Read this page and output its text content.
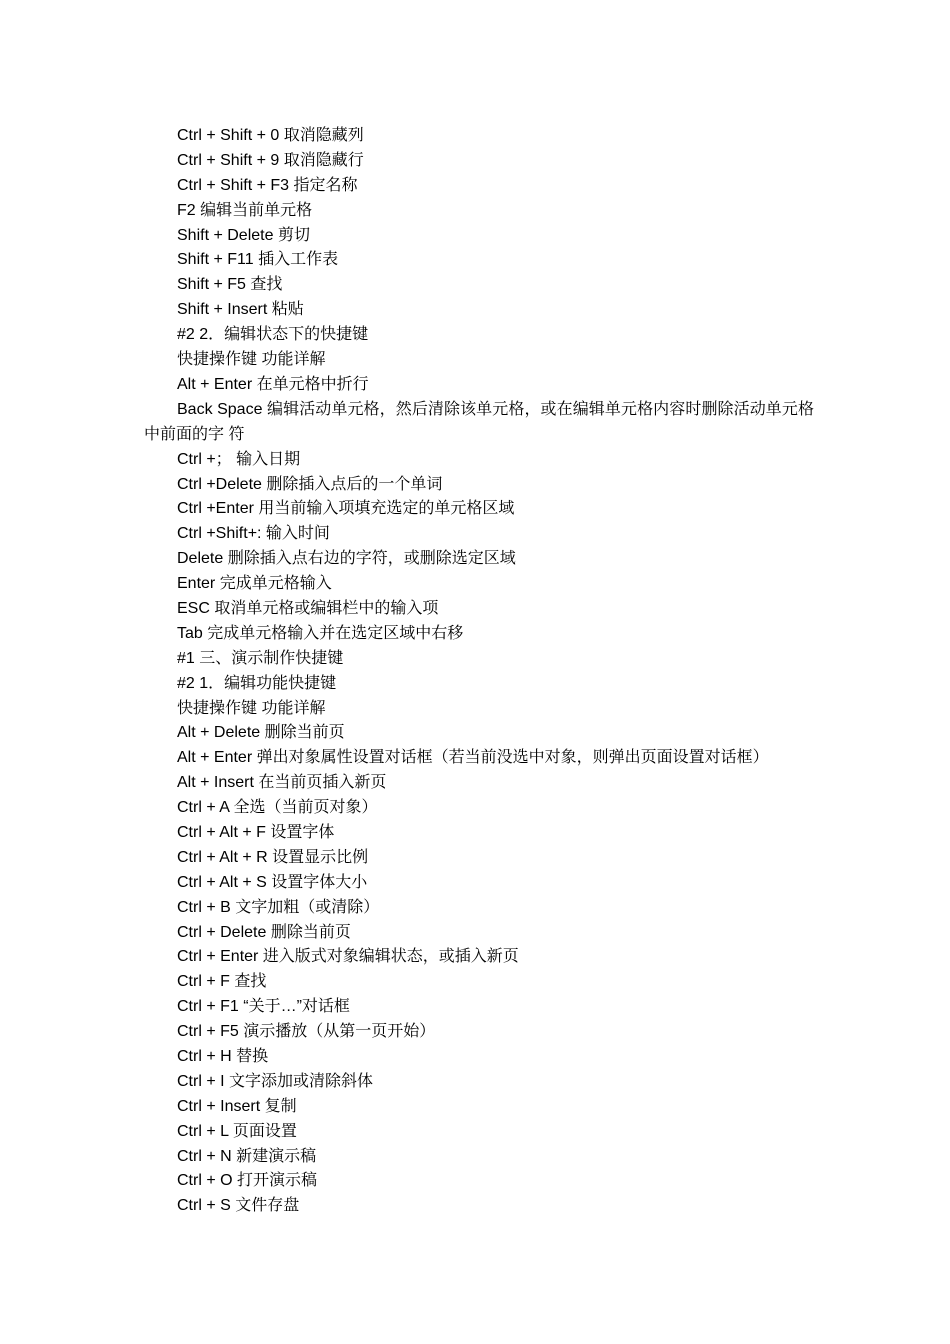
Ctrl + Shift + 0 取消隐藏列
Ctrl + Shift + 9 取消隐藏行
Ctrl + Shift + F3 指定名称
F2 编辑当前单元格
Shift + Delete 剪切
Shift + F11 插入工作表
Shift + F5 查找
Shift + Insert 粘贴
#2 2．编辑状态下的快捷键
快捷操作键 功能详解
Alt + Enter 在单元格中折行
Back Space 编辑活动单元格，然后清除该单元格，或在编辑单元格内容时删除活动单元格中前面的字 符
Ctrl +； 输入日期
Ctrl +Delete 删除插入点后的一个单词
Ctrl +Enter 用当前输入项填充选定的单元格区域
Ctrl +Shift+: 输入时间
Delete 删除插入点右边的字符，或删除选定区域
Enter 完成单元格输入
ESC 取消单元格或编辑栏中的输入项
Tab 完成单元格输入并在选定区域中右移
#1 三、演示制作快捷键
#2 1．编辑功能快捷键
快捷操作键 功能详解
Alt + Delete 删除当前页
Alt + Enter 弹出对象属性设置对话框（若当前没选中对象，则弹出页面设置对话框）
Alt + Insert 在当前页插入新页
Ctrl + A 全选（当前页对象）
Ctrl + Alt + F 设置字体
Ctrl + Alt + R 设置显示比例
Ctrl + Alt + S 设置字体大小
Ctrl + B 文字加粗（或清除）
Ctrl + Delete 删除当前页
Ctrl + Enter 进入版式对象编辑状态，或插入新页
Ctrl + F 查找
Ctrl + F1 “关于…”对话框
Ctrl + F5 演示播放（从第一页开始）
Ctrl + H 替换
Ctrl + I 文字添加或清除斜体
Ctrl + Insert 复制
Ctrl + L 页面设置
Ctrl + N 新建演示稿
Ctrl + O 打开演示稿
Ctrl + S 文件存盘
